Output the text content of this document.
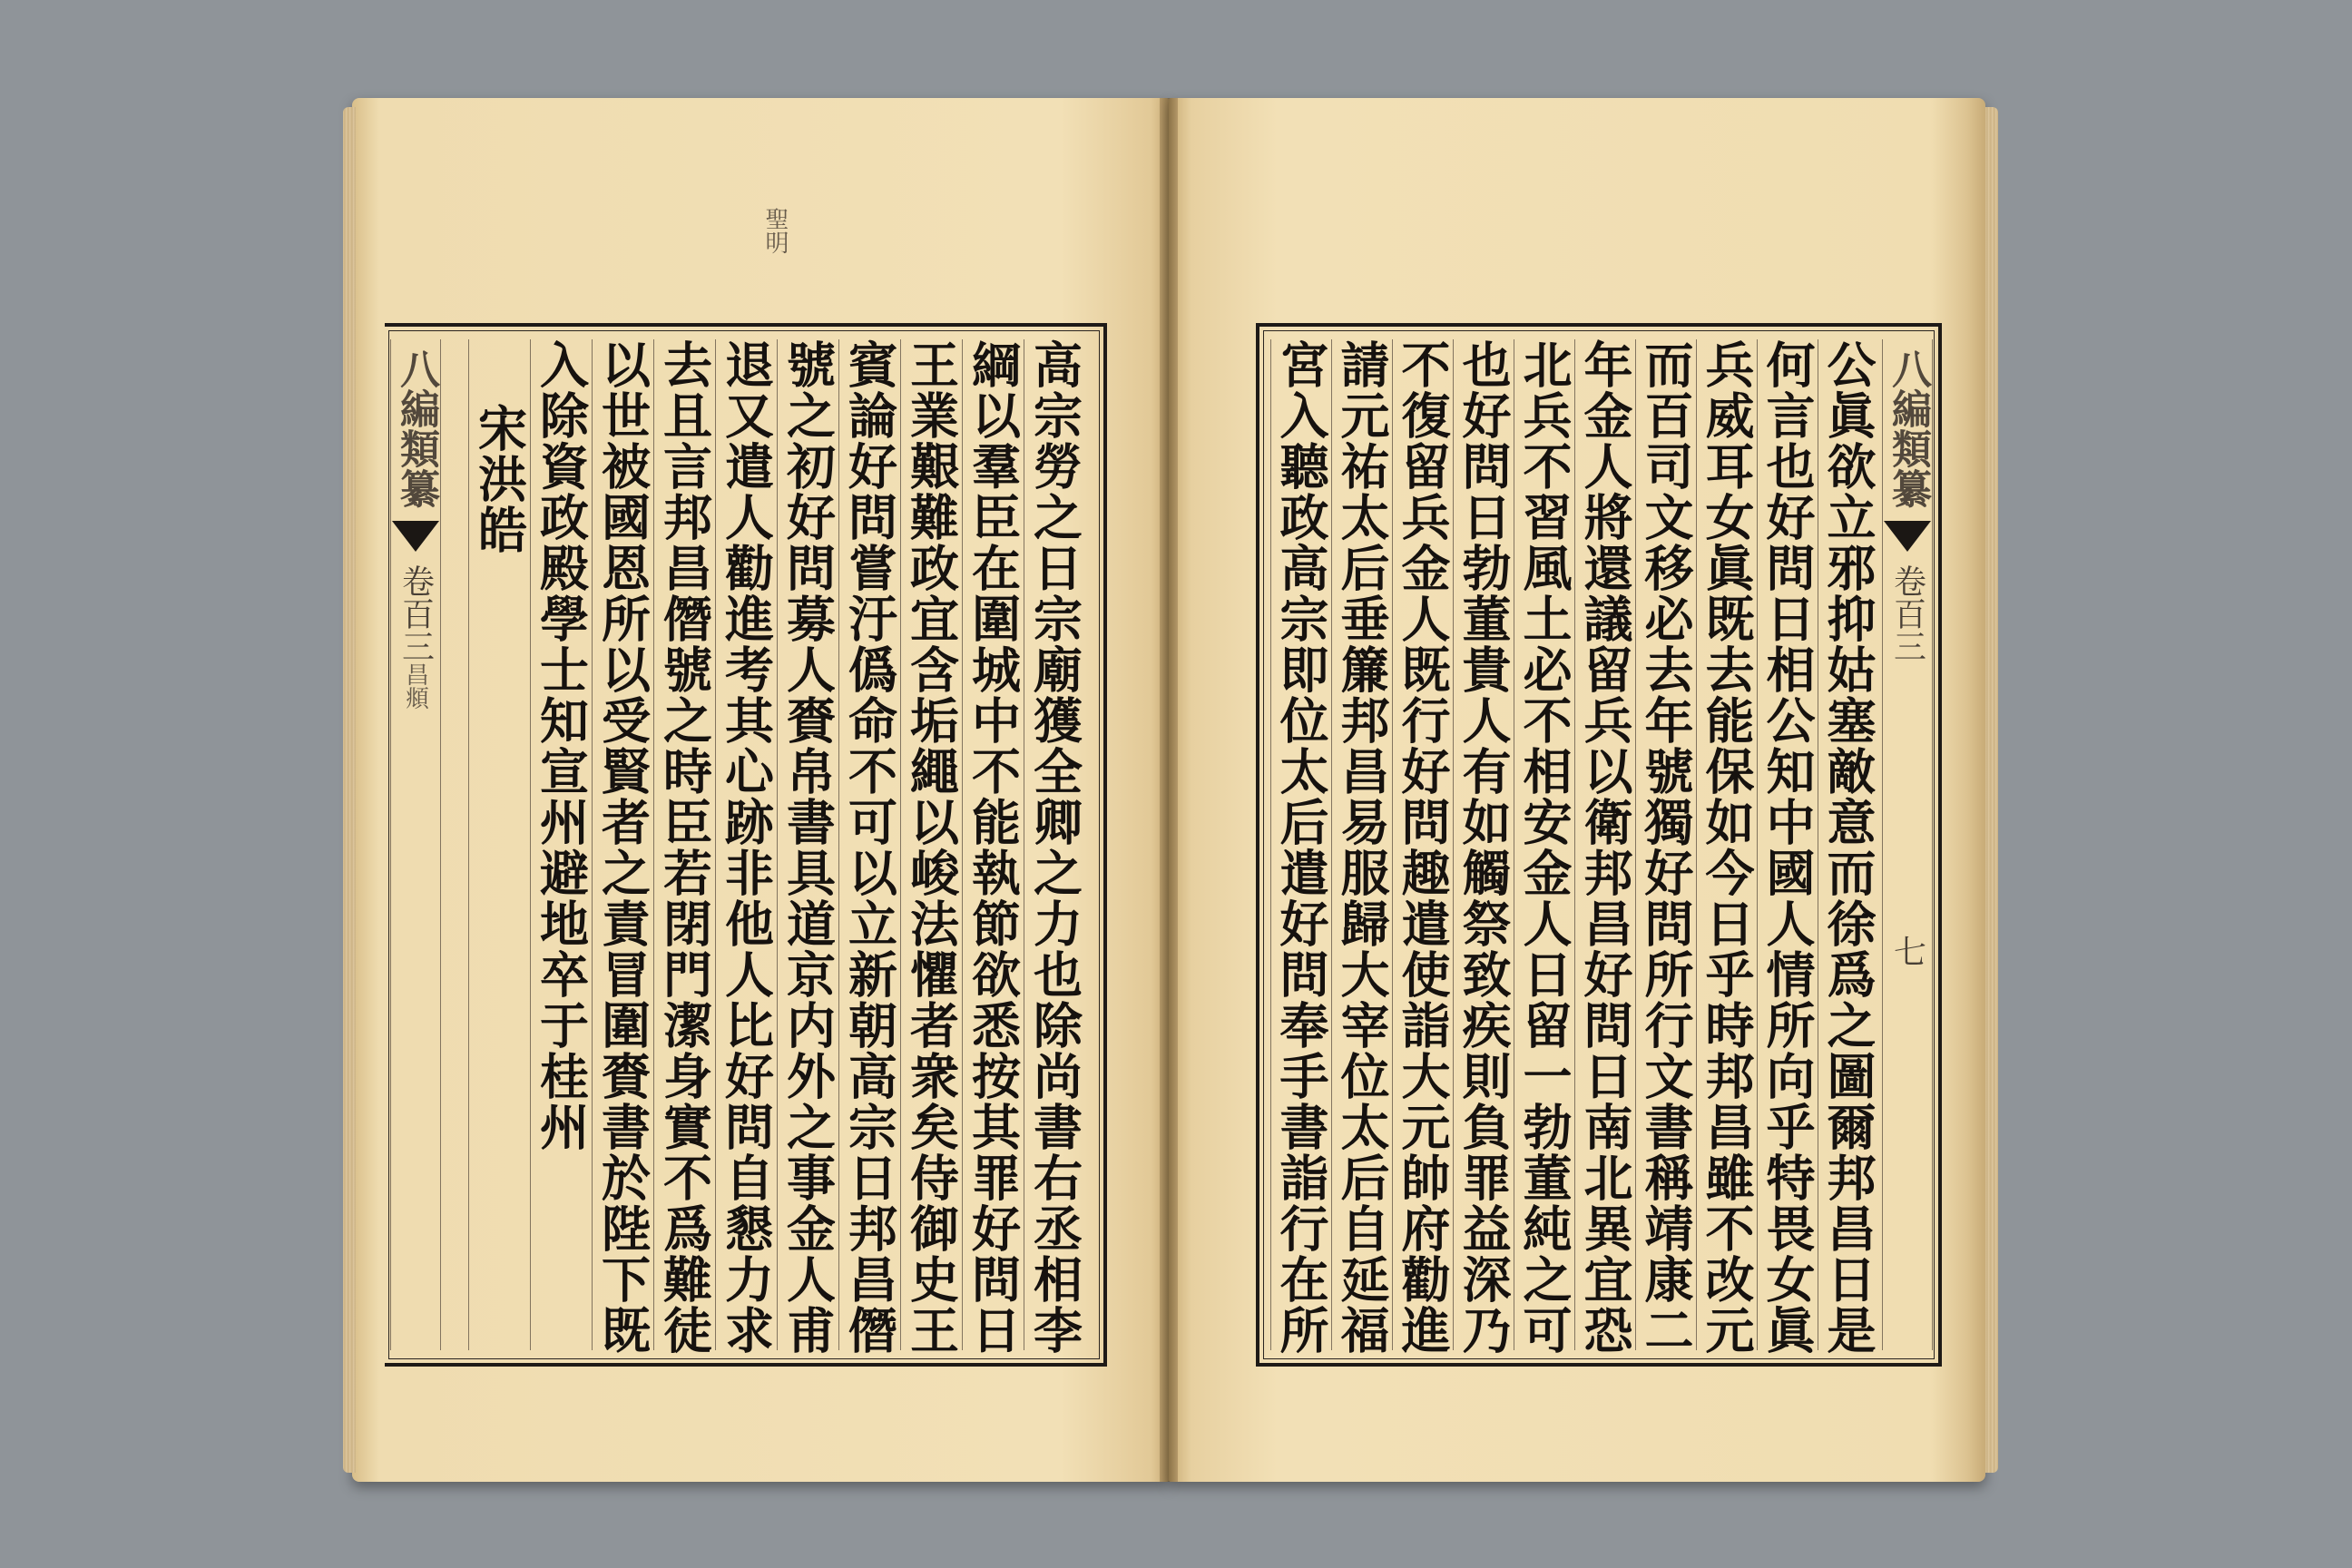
聖明
八編類纂
卷百三
昌頫	高宗勞之日宗廟獲全卿之力也除尚書右丞相李
綱以羣臣在圍城中不能執節欲悉按其罪好問日
王業艱難政宜含垢繩以峻法懼者衆矣侍御史王
賓論好問嘗汙僞命不可以立新朝高宗日邦昌僭
號之初好問募人賚帛書具道京内外之事金人甫
退又遣人勸進考其心跡非他人比好問自懇力求
去且言邦昌僭號之時臣若閉門潔身實不爲難徒
以世被國恩所以受賢者之責冒圍賚書於陛下既
入除資政殿學士知宣州避地卒于桂州
宋洪皓	八編類纂
卷百三
七
公眞欲立邪抑姑塞敵意而徐爲之圖爾邦昌日是
何言也好問日相公知中國人情所向乎特畏女眞
兵威耳女眞既去能保如今日乎時邦昌雖不改元
而百司文移必去年號獨好問所行文書稱靖康二
年金人將還議留兵以衛邦昌好問日南北異宜恐
北兵不習風土必不相安金人日留一勃董純之可
也好問日勃董貴人有如觸祭致疾則負罪益深乃
不復留兵金人既行好問趣遣使詣大元帥府勸進
請元祐太后垂簾邦昌易服歸大宰位太后自延福
宮入聽政高宗即位太后遣好問奉手書詣行在所
